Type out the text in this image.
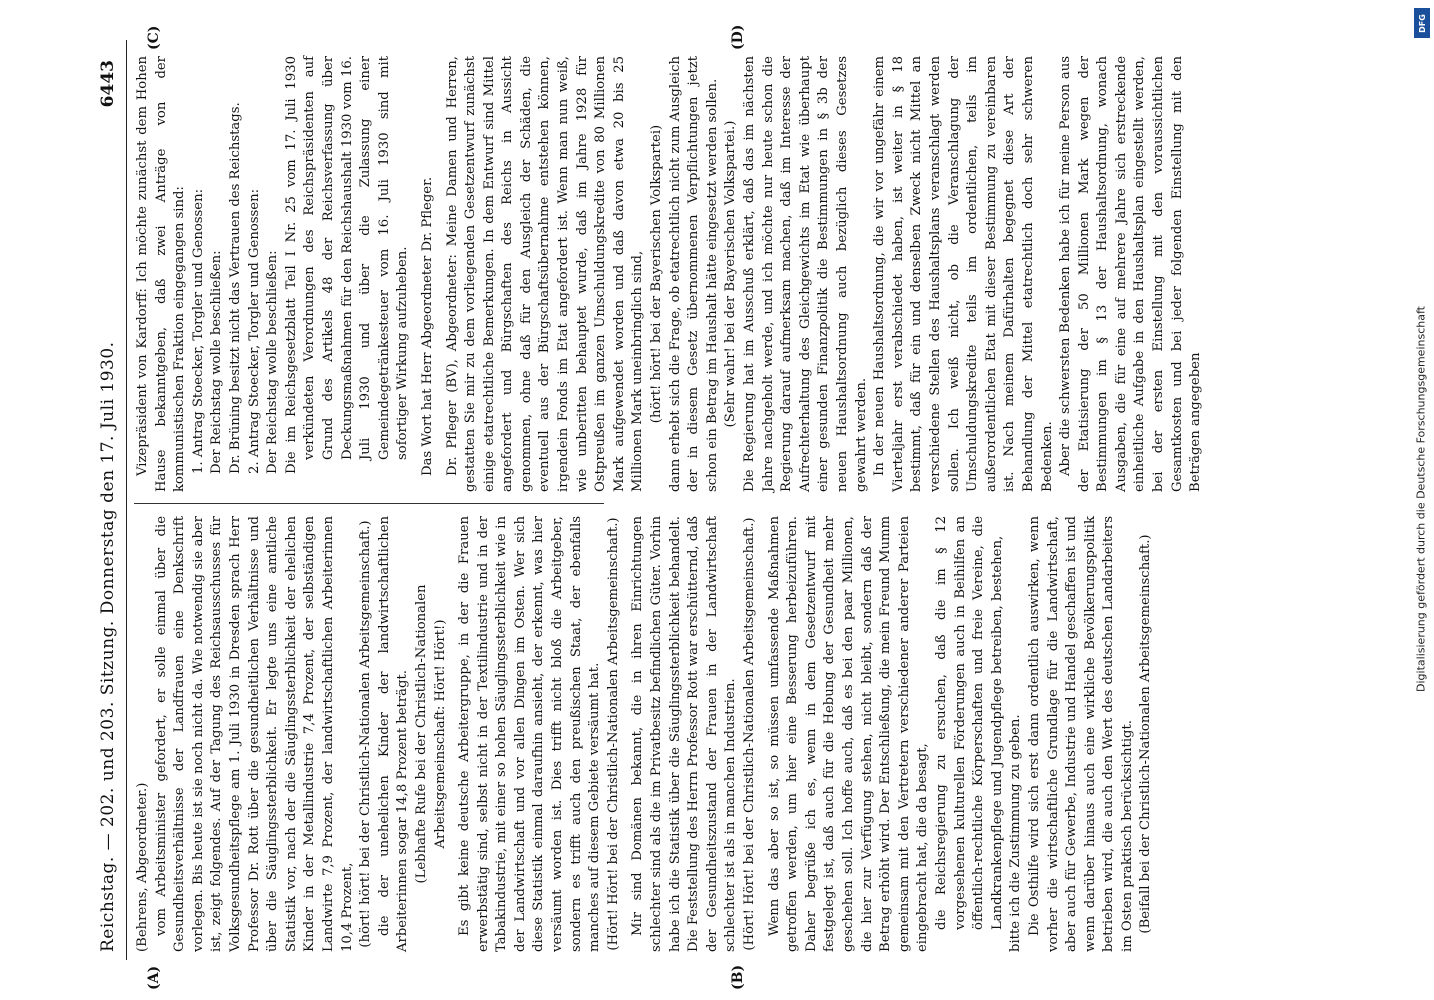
Reichstag. — 202. und 203. Sitzung. Donnerstag den 17. Juli 1930.
6443
(A)	(B)
(C)	(D)

(Behrens, Abgeordneter.) vom Arbeitsminister gefordert, er solle einmal über die Gesundheitsverhältnisse der Landfrauen eine Denkschrift vorlegen. Bis heute ist sie noch nicht da. Wie notwendig sie aber ist, zeigt folgendes. Auf der Tagung des Reichsausschusses für Volksgesundheitspflege am 1. Juli 1930 in Dresden sprach Herr Professor Dr. Rott über die gesundheitlichen Verhältnisse und über die Säuglingssterblichkeit. Er legte uns eine amtliche Statistik vor, nach der die Säuglingssterblichkeit der ehelichen Kinder in der Metallindustrie 7,4 Prozent, der selbständigen Landwirte 7,9 Prozent, der landwirtschaftlichen Arbeiterinnen 10,4 Prozent, (hört! hört! bei der Christlich-Nationalen Arbeitsgemeinschaft.) die der unehelichen Kinder der landwirtschaftlichen Arbeiterinnen sogar 14,8 Prozent beträgt. (Lebhafte Rufe bei der Christlich-Nationalen Arbeitsgemeinschaft: Hört! Hört!) Es gibt keine deutsche Arbeitergruppe, in der die Frauen erwerbstätig sind, selbst nicht in der Textilindustrie und in der Tabakindustrie, mit einer so hohen Säuglingssterblichkeit wie in der Landwirtschaft und vor allen Dingen im Osten. Wer sich diese Statistik einmal daraufhin ansieht, der erkennt, was hier versäumt worden ist. Dies trifft nicht bloß die Arbeitgeber, sondern es trifft auch den preußischen Staat, der ebenfalls manches auf diesem Gebiete versäumt hat. (Hört! Hört! bei der Christlich-Nationalen Arbeitsgemeinschaft.) Mir sind Domänen bekannt, die in ihren Einrichtungen schlechter sind als die im Privatbesitz befindlichen Güter. Vorhin habe ich die Statistik über die Säuglingssterblichkeit behandelt. Die Feststellung des Herrn Professor Rott war erschütternd, daß der Gesundheitszustand der Frauen in der Landwirtschaft schlechter ist als in manchen Industrien. (Hört! Hört! bei der Christlich-Nationalen Arbeitsgemeinschaft.) Wenn das aber so ist, so müssen umfassende Maßnahmen getroffen werden, um hier eine Besserung herbeizuführen. Daher begrüße ich es, wenn in dem Gesetzentwurf mit festgelegt ist, daß auch für die Hebung der Gesundheit mehr geschehen soll. Ich hoffe auch, daß es bei den paar Millionen, die hier zur Verfügung stehen, nicht bleibt, sondern daß der Betrag erhöht wird. Der Entschließung, die mein Freund Mumm gemeinsam mit den Vertretern verschiedener anderer Parteien eingebracht hat, die da besagt, die Reichsregierung zu ersuchen, daß die im § 12 vorgesehenen kulturellen Förderungen auch in Beihilfen an öffentlich-rechtliche Körperschaften und freie Vereine, die Landkrankenpflege und Jugendpflege betreiben, bestehen, bitte ich die Zustimmung zu geben. Die Osthilfe wird sich erst dann ordentlich auswirken, wenn vorher die wirtschaftliche Grundlage für die Landwirtschaft, aber auch für Gewerbe, Industrie und Handel geschaffen ist und wenn darüber hinaus auch eine wirkliche Bevölkerungspolitik betrieben wird, die auch den Wert des deutschen Landarbeiters im Osten praktisch berücksichtigt. (Beifall bei der Christlich-Nationalen Arbeitsgemeinschaft.)

Vizepräsident von Kardorff: Ich möchte zunächst dem Hohen Hause bekanntgeben, daß zwei Anträge von der kommunistischen Fraktion eingegangen sind: 1. Antrag Stoecker, Torgler und Genossen: Der Reichstag wolle beschließen: Dr. Brüning besitzt nicht das Vertrauen des Reichstags. 2. Antrag Stoecker, Torgler und Genossen: Der Reichstag wolle beschließen: Die im Reichsgesetzblatt Teil I Nr. 25 vom 17. Juli 1930 verkündeten Verordnungen des Reichspräsidenten auf Grund des Artikels 48 der Reichsverfassung über Deckungsmaßnahmen für den Reichshaushalt 1930 vom 16. Juli 1930 und über die Zulassung einer Gemeindegetränkesteuer vom 16. Juli 1930 sind mit sofortiger Wirkung aufzuheben. Das Wort hat Herr Abgeordneter Dr. Pfleger. Dr. Pfleger (BV), Abgeordneter: Meine Damen und Herren, gestatten Sie mir zu dem vorliegenden Gesetzentwurf zunächst einige etatrechtliche Bemerkungen. In dem Entwurf sind Mittel angefordert und Bürgschaften des Reichs in Aussicht genommen, ohne daß für den Ausgleich der Schäden, die eventuell aus der Bürgschaftsübernahme entstehen können, irgendein Fonds im Etat angefordert ist. Wenn man nun weiß, wie unberitten behauptet wurde, daß im Jahre 1928 für Ostpreußen im ganzen Umschuldungskredite von 80 Millionen Mark aufgewendet worden und daß davon etwa 20 bis 25 Millionen Mark uneinbringlich sind, (hört! hört! bei der Bayerischen Volkspartei) dann erhebt sich die Frage, ob etatrechtlich nicht zum Ausgleich der in diesem Gesetz übernommenen Verpflichtungen jetzt schon ein Betrag im Haushalt hätte eingesetzt werden sollen. (Sehr wahr! bei der Bayerischen Volkspartei.) Die Regierung hat im Ausschuß erklärt, daß das im nächsten Jahre nachgeholt werde, und ich möchte nur heute schon die Regierung darauf aufmerksam machen, daß im Interesse der Aufrechterhaltung des Gleichgewichts im Etat wie überhaupt einer gesunden Finanzpolitik die Bestimmungen in § 3b der neuen Haushaltsordnung auch bezüglich dieses Gesetzes gewahrt werden. In der neuen Haushaltsordnung, die wir vor ungefähr einem Vierteljahr erst verabschiedet haben, ist weiter in § 18 bestimmt, daß für ein und denselben Zweck nicht Mittel an verschiedene Stellen des Haushaltsplans veranschlagt werden sollen. Ich weiß nicht, ob die Veranschlagung der Umschuldungskredite teils im ordentlichen, teils im außerordentlichen Etat mit dieser Bestimmung zu vereinbaren ist. Nach meinem Dafürhalten begegnet diese Art der Behandlung der Mittel etatrechtlich doch sehr schweren Bedenken. Aber die schwersten Bedenken habe ich für meine Person aus der Etatisierung der 50 Millionen Mark wegen der Bestimmungen im § 13 der Haushaltsordnung, wonach Ausgaben, die für eine auf mehrere Jahre sich erstreckende einheitliche Aufgabe in den Haushaltsplan eingestellt werden, bei der ersten Einstellung mit den voraussichtlichen Gesamtkosten und bei jeder folgenden Einstellung mit den Beträgen angegeben

DFG
Digitalisierung gefördert durch die Deutsche Forschungsgemeinschaft
